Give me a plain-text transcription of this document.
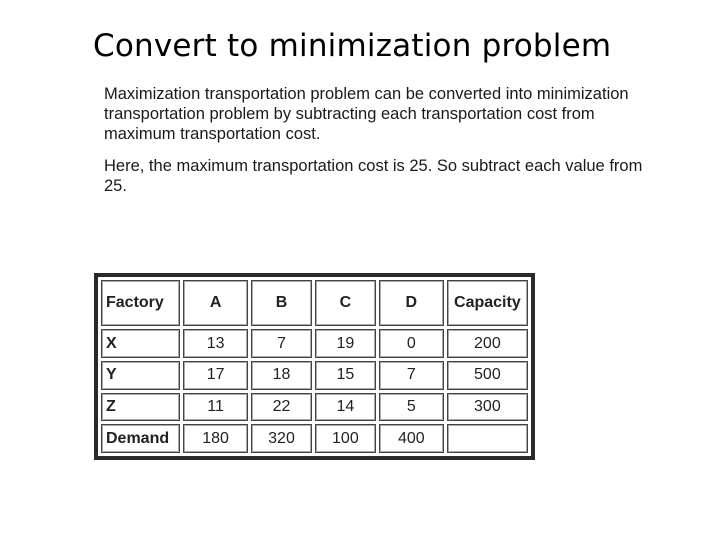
Convert to minimization problem

Maximization transportation problem can be converted into minimization transportation problem by subtracting each transportation cost from maximum transportation cost.

Here, the maximum transportation cost is 25. So subtract each value from 25.

Factory	A	B	C	D	Capacity
X	13	7	19	0	200
Y	17	18	15	7	500
Z	11	22	14	5	300
Demand	180	320	100	400	
